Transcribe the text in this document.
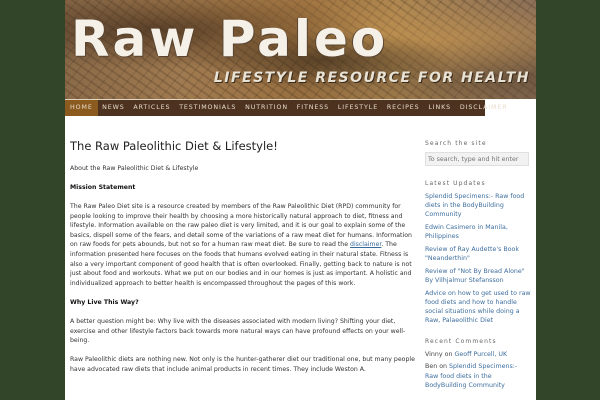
Raw Paleo
LIFESTYLE RESOURCE FOR HEALTH
HOME	NEWS	ARTICLES	TESTIMONIALS	NUTRITION	FITNESS	LIFESTYLE	RECIPES	LINKS	DISCLAIMER
The Raw Paleolithic Diet & Lifestyle!

About the Raw Paleolithic Diet & Lifestyle

Mission Statement

The Raw Paleo Diet site is a resource created by members of the Raw Paleolithic Diet (RPD) community for people looking to improve their health by choosing a more historically natural approach to diet, fitness and lifestyle. Information available on the raw paleo diet is very limited, and it is our goal to explain some of the basics, dispell some of the fears, and detail some of the variations of a raw meat diet for humans. Information on raw foods for pets abounds, but not so for a human raw meat diet. Be sure to read the disclaimer. The information presented here focuses on the foods that humans evolved eating in their natural state. Fitness is also a very important component of good health that is often overlooked. Finally, getting back to nature is not just about food and workouts. What we put on our bodies and in our homes is just as important. A holistic and individualized approach to better health is encompassed throughout the pages of this work.

Why Live This Way?

A better question might be: Why live with the diseases associated with modern living? Shifting your diet, exercise and other lifestyle factors back towards more natural ways can have profound effects on your well-being.

Raw Paleolithic diets are nothing new. Not only is the hunter-gatherer diet our traditional one, but many people have advocated raw diets that include animal products in recent times. They include Weston A.

Search the site
To search, type and hit enter
Latest Updates
Splendid Specimens:- Raw food diets in the BodyBuilding Community
Edwin Casimero in Manila, Philippines
Review of Ray Audette's Book "Neanderthin"
Review of "Not By Bread Alone" By Vilhjalmur Stefansson
Advice on how to get used to raw food diets and how to handle social situations while doing a Raw, Palaeolithic Diet
Recent Comments
Vinny on Geoff Purcell, UK
Ben on Splendid Specimens:- Raw food diets in the BodyBuilding Community
